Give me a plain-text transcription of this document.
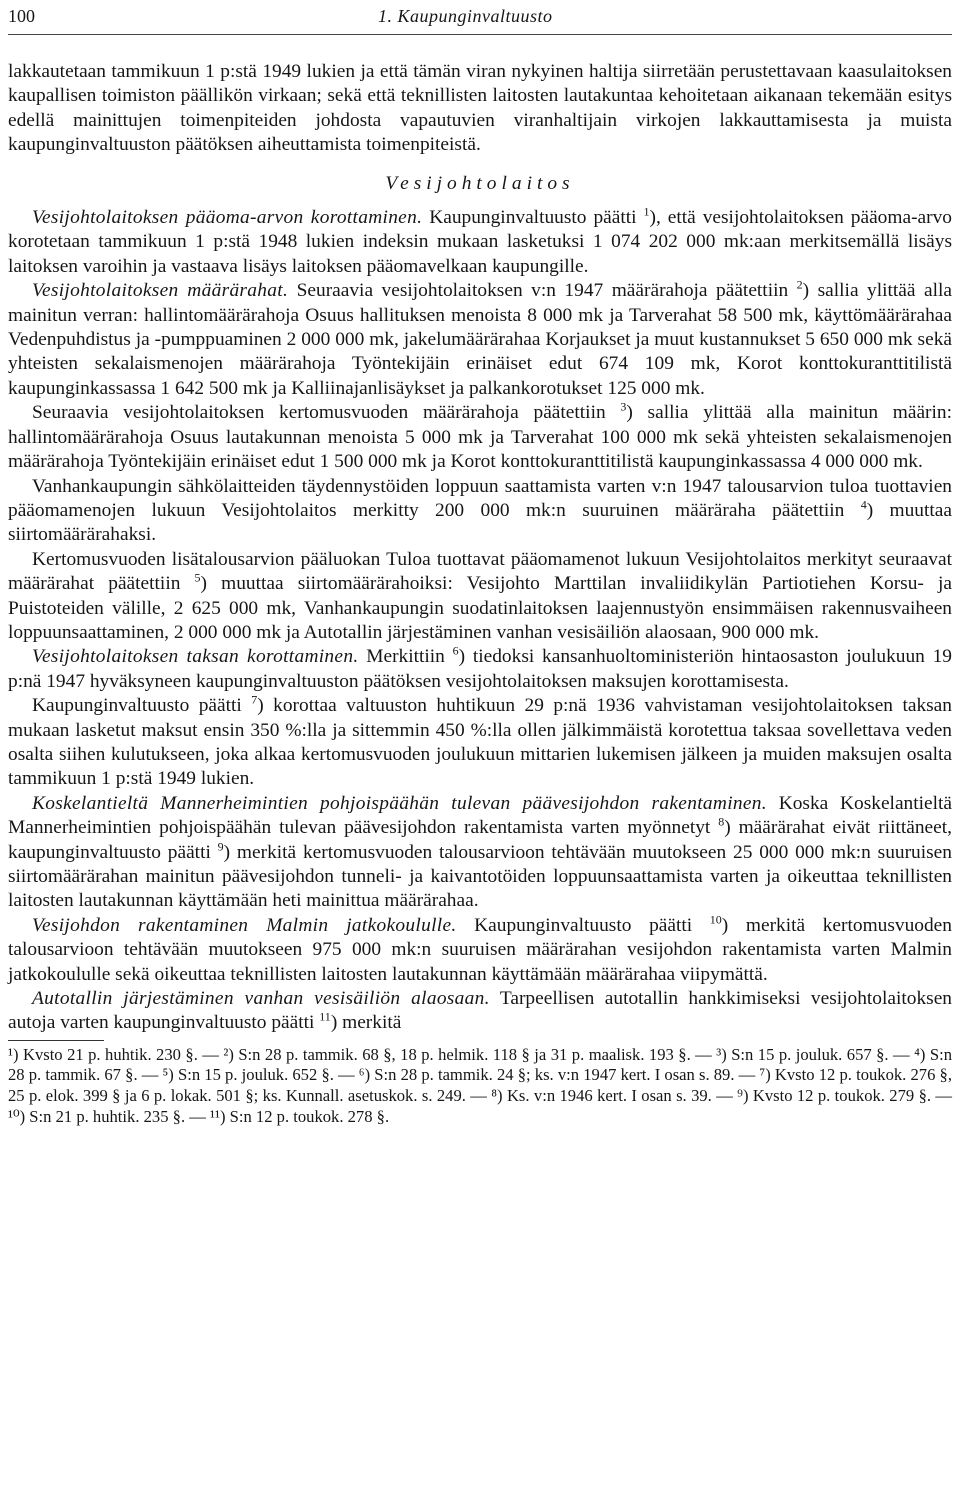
100	1. Kaupunginvaltuusto

lakkautetaan tammikuun 1 p:stä 1949 lukien ja että tämän viran nykyinen haltija siirretään perustettavaan kaasulaitoksen kaupallisen toimiston päällikön virkaan; sekä että teknillisten laitosten lautakuntaa kehoitetaan aikanaan tekemään esitys edellä mainittujen toimenpiteiden johdosta vapautuvien viranhaltijain virkojen lakkauttamisesta ja muista kaupunginvaltuuston päätöksen aiheuttamista toimenpiteistä.

Vesijohtolaitos

Vesijohtolaitoksen pääoma-arvon korottaminen. Kaupunginvaltuusto päätti $^1$), että vesijohtolaitoksen pääoma-arvo korotetaan tammikuun 1 p:stä 1948 lukien indeksin mukaan lasketuksi 1 074 202 000 mk:aan merkitsemällä lisäys laitoksen varoihin ja vastaava lisäys laitoksen pääomavelkaan kaupungille.

Vesijohtolaitoksen määrärahat. Seuraavia vesijohtolaitoksen v:n 1947 määrärahoja päätettiin $^2$) sallia ylittää alla mainitun verran: hallintomäärärahoja Osuus hallituksen menoista 8 000 mk ja Tarverahat 58 500 mk, käyttömäärärahaa Vedenpuhdistus ja -pumppuaminen 2 000 000 mk, jakelumäärärahaa Korjaukset ja muut kustannukset 5 650 000 mk sekä yhteisten sekalaismenojen määrärahoja Työntekijäin erinäiset edut 674 109 mk, Korot konttokuranttitilistä kaupunginkassassa 1 642 500 mk ja Kalliinajanlisäykset ja palkankorotukset 125 000 mk.

Seuraavia vesijohtolaitoksen kertomusvuoden määrärahoja päätettiin $^3$) sallia ylittää alla mainitun määrin: hallintomäärärahoja Osuus lautakunnan menoista 5 000 mk ja Tarverahat 100 000 mk sekä yhteisten sekalaismenojen määrärahoja Työntekijäin erinäiset edut 1 500 000 mk ja Korot konttokuranttitilistä kaupunginkassassa 4 000 000 mk.

Vanhankaupungin sähkölaitteiden täydennystöiden loppuun saattamista varten v:n 1947 talousarvion tuloa tuottavien pääomamenojen lukuun Vesijohtolaitos merkitty 200 000 mk:n suuruinen määräraha päätettiin $^4$) muuttaa siirtomäärärahaksi.

Kertomusvuoden lisätalousarvion pääluokan Tuloa tuottavat pääomamenot lukuun Vesijohtolaitos merkityt seuraavat määrärahat päätettiin $^5$) muuttaa siirtomäärärahoiksi: Vesijohto Marttilan invaliidikylän Partiotiehen Korsu- ja Puistoteiden välille, 2 625 000 mk, Vanhankaupungin suodatinlaitoksen laajennustyön ensimmäisen rakennusvaiheen loppuunsaattaminen, 2 000 000 mk ja Autotallin järjestäminen vanhan vesisäiliön alaosaan, 900 000 mk.

Vesijohtolaitoksen taksan korottaminen. Merkittiin $^6$) tiedoksi kansanhuoltoministeriön hintaosaston joulukuun 19 p:nä 1947 hyväksyneen kaupunginvaltuuston päätöksen vesijohtolaitoksen maksujen korottamisesta.

Kaupunginvaltuusto päätti $^7$) korottaa valtuuston huhtikuun 29 p:nä 1936 vahvistaman vesijohtolaitoksen taksan mukaan lasketut maksut ensin 350 %:lla ja sittemmin 450 %:lla ollen jälkimmäistä korotettua taksaa sovellettava veden osalta siihen kulutukseen, joka alkaa kertomusvuoden joulukuun mittarien lukemisen jälkeen ja muiden maksujen osalta tammikuun 1 p:stä 1949 lukien.

Koskelantieltä Mannerheimintien pohjoispäähän tulevan päävesijohdon rakentaminen. Koska Koskelantieltä Mannerheimintien pohjoispäähän tulevan päävesijohdon rakentamista varten myönnetyt $^8$) määrärahat eivät riittäneet, kaupunginvaltuusto päätti $^9$) merkitä kertomusvuoden talousarvioon tehtävään muutokseen 25 000 000 mk:n suuruisen siirtomäärärahan mainitun päävesijohdon tunneli- ja kaivantotöiden loppuunsaattamista varten ja oikeuttaa teknillisten laitosten lautakunnan käyttämään heti mainittua määrärahaa.

Vesijohdon rakentaminen Malmin jatkokoululle. Kaupunginvaltuusto päätti $^{10}$) merkitä kertomusvuoden talousarvioon tehtävään muutokseen 975 000 mk:n suuruisen määrärahan vesijohdon rakentamista varten Malmin jatkokoululle sekä oikeuttaa teknillisten laitosten lautakunnan käyttämään määrärahaa viipymättä.

Autotallin järjestäminen vanhan vesisäiliön alaosaan. Tarpeellisen autotallin hankkimiseksi vesijohtolaitoksen autoja varten kaupunginvaltuusto päätti $^{11}$) merkitä

¹) Kvsto 21 p. huhtik. 230 §. — ²) S:n 28 p. tammik. 68 §, 18 p. helmik. 118 § ja 31 p. maalisk. 193 §. — ³) S:n 15 p. jouluk. 657 §. — ⁴) S:n 28 p. tammik. 67 §. — ⁵) S:n 15 p. jouluk. 652 §. — ⁶) S:n 28 p. tammik. 24 §; ks. v:n 1947 kert. I osan s. 89. — ⁷) Kvsto 12 p. toukok. 276 §, 25 p. elok. 399 § ja 6 p. lokak. 501 §; ks. Kunnall. asetuskok. s. 249. — ⁸) Ks. v:n 1946 kert. I osan s. 39. — ⁹) Kvsto 12 p. toukok. 279 §. — ¹⁰) S:n 21 p. huhtik. 235 §. — ¹¹) S:n 12 p. toukok. 278 §.
